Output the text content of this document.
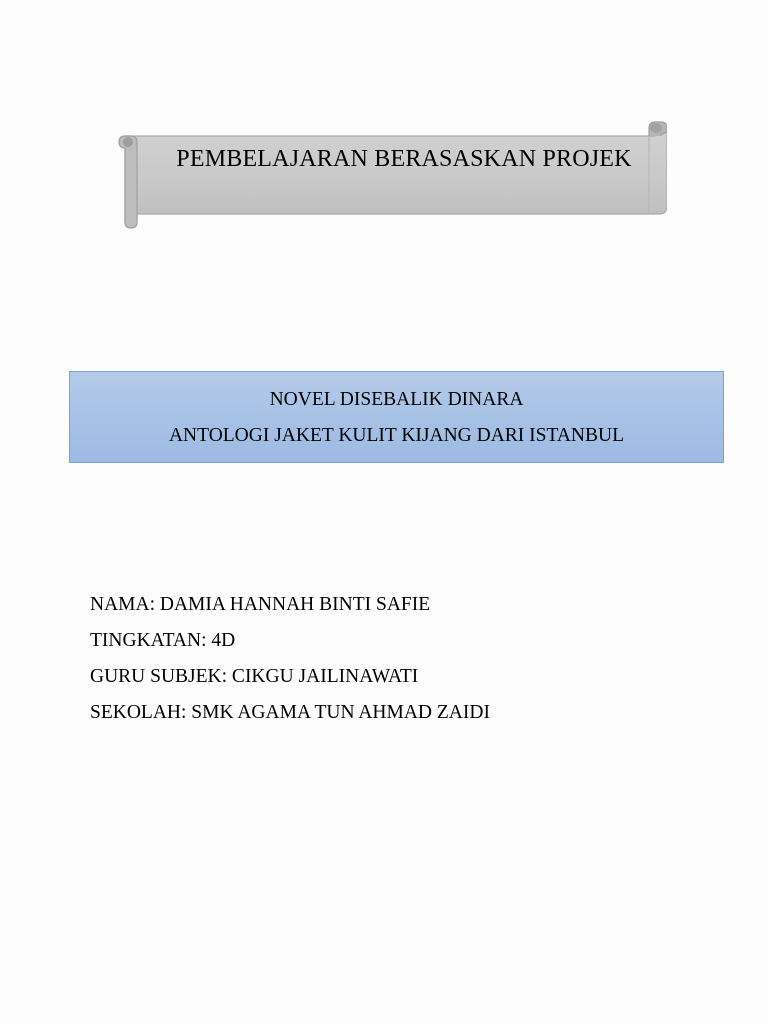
PEMBELAJARAN BERASASKAN PROJEK
NOVEL DISEBALIK DINARA
ANTOLOGI JAKET KULIT KIJANG DARI ISTANBUL
NAMA: DAMIA HANNAH BINTI SAFIE
TINGKATAN: 4D
GURU SUBJEK: CIKGU JAILINAWATI
SEKOLAH: SMK AGAMA TUN AHMAD ZAIDI
